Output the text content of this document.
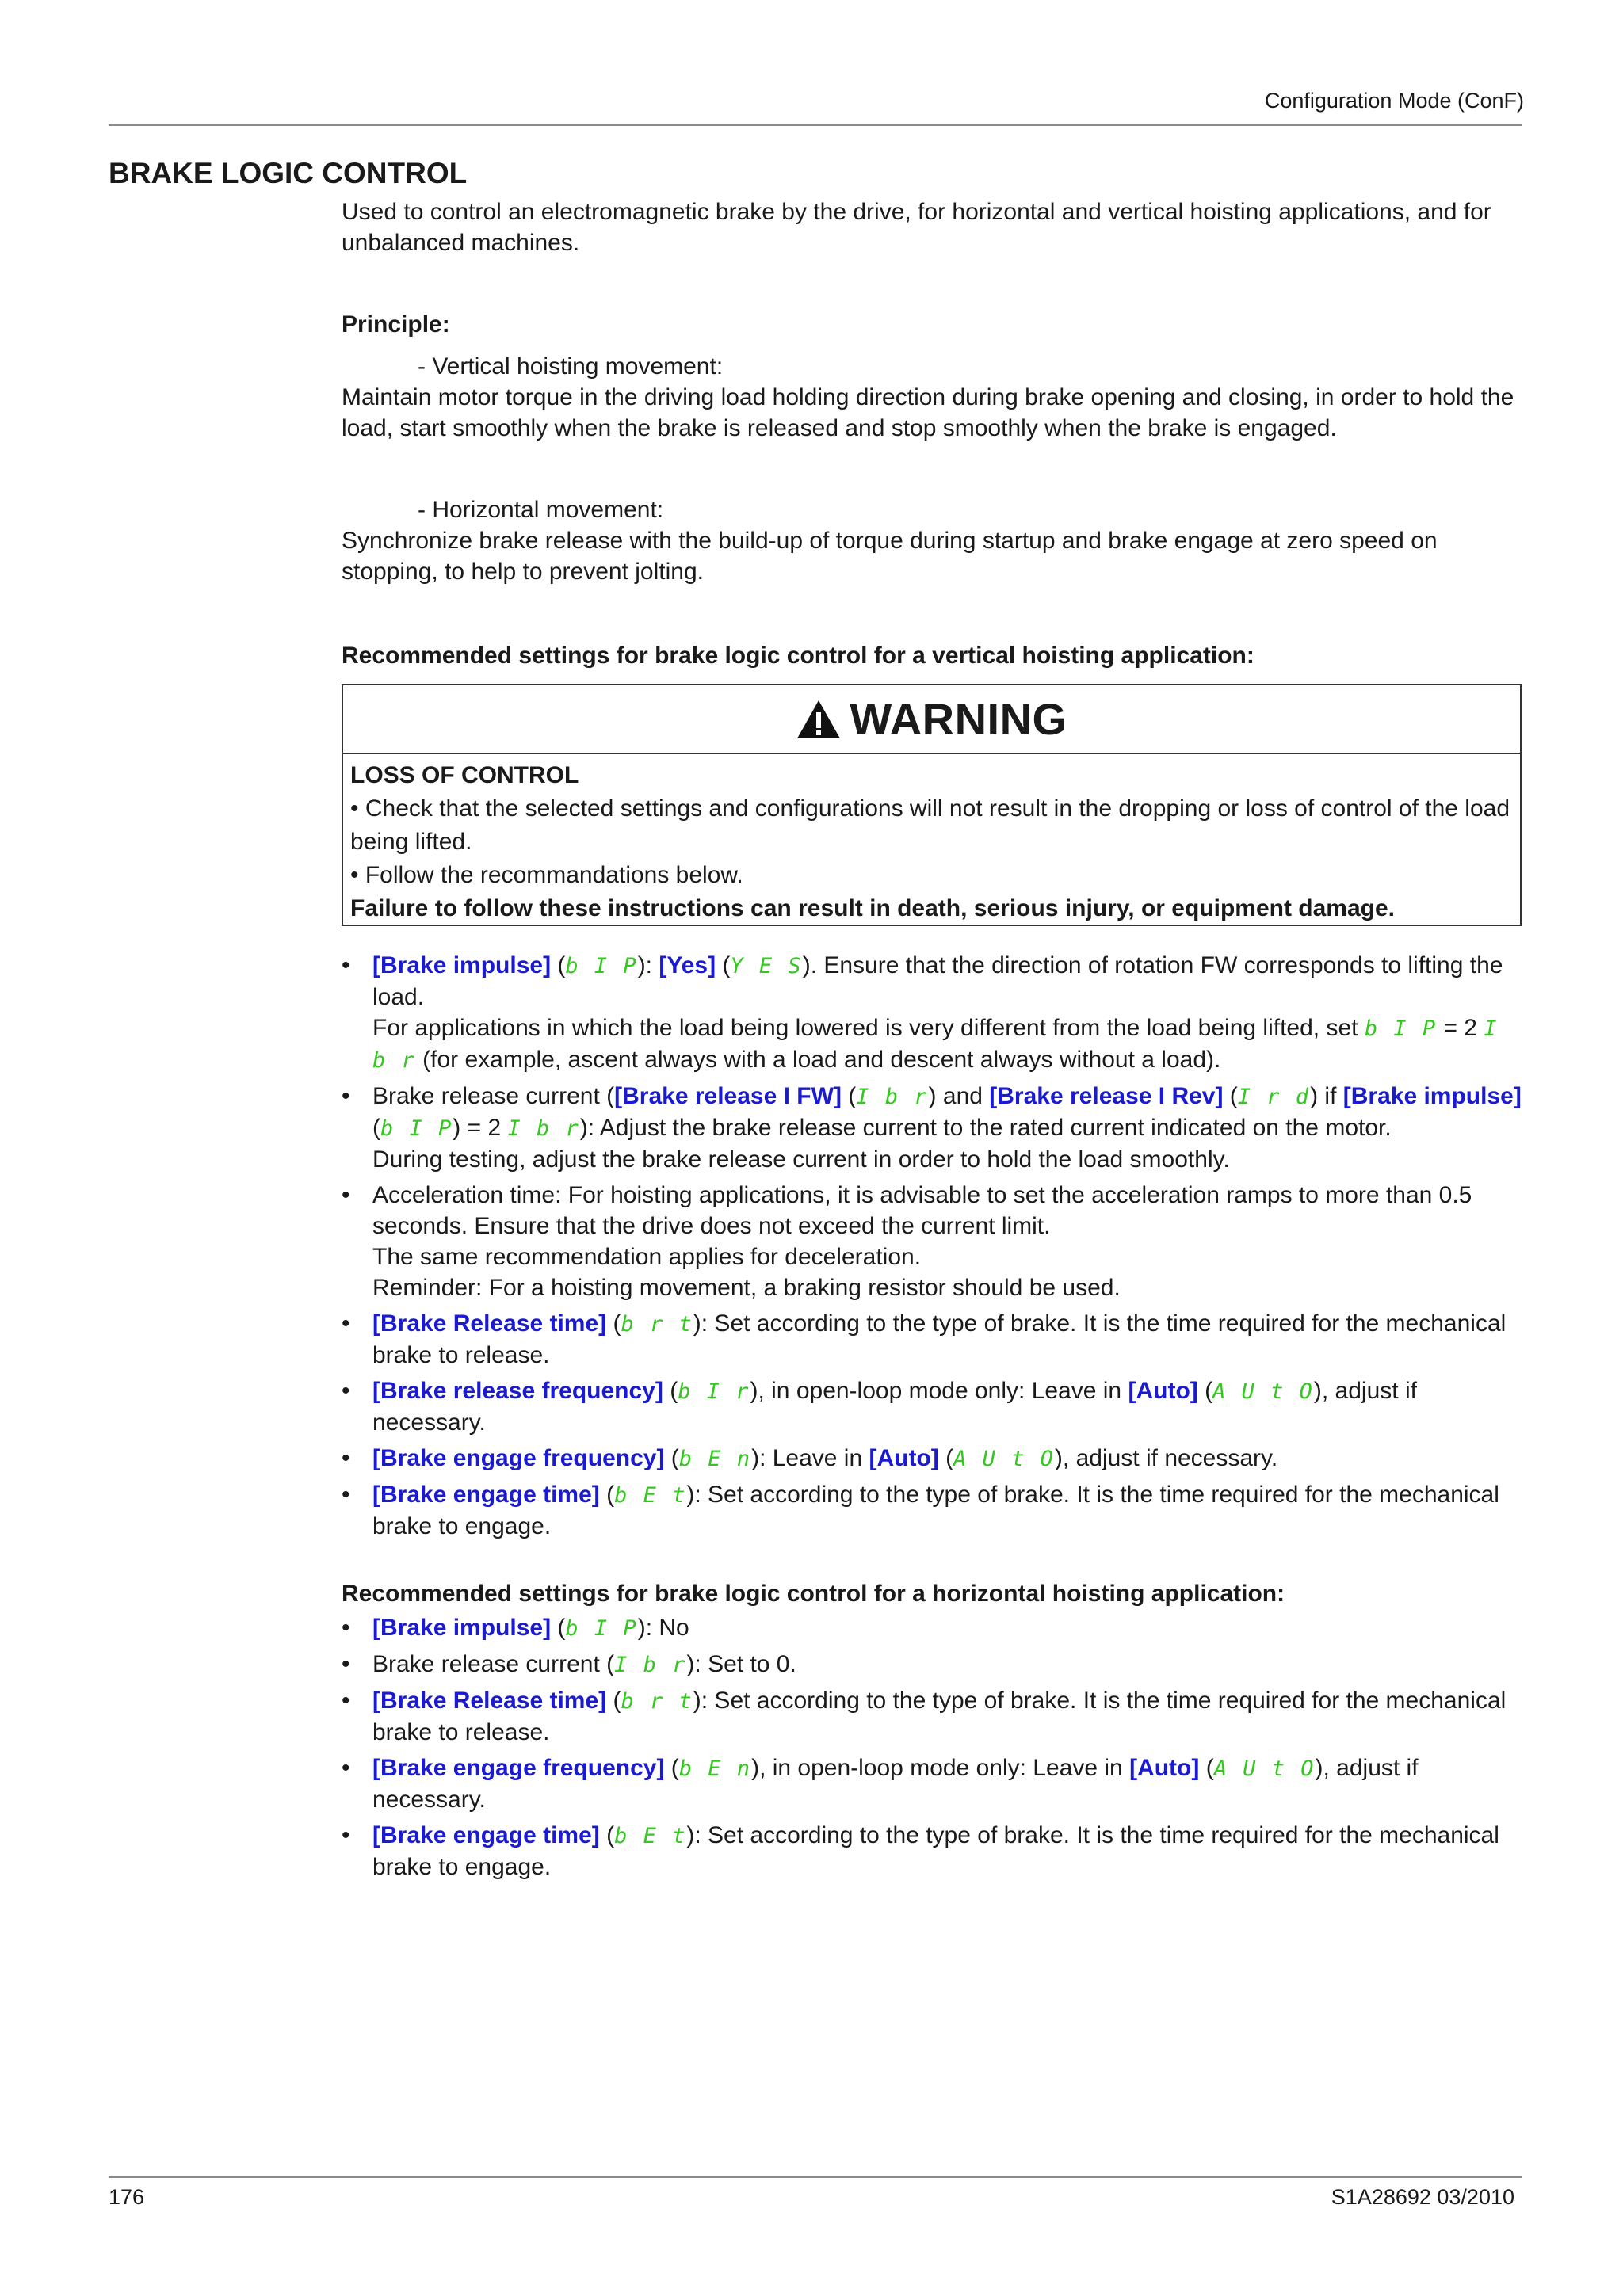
Configuration Mode (ConF)
BRAKE LOGIC CONTROL
Used to control an electromagnetic brake by the drive, for horizontal and vertical hoisting applications, and for unbalanced machines.
Principle:
- Vertical hoisting movement:
Maintain motor torque in the driving load holding direction during brake opening and closing, in order to hold the load, start smoothly when the brake is released and stop smoothly when the brake is engaged.
- Horizontal movement:
Synchronize brake release with the build-up of torque during startup and brake engage at zero speed on stopping, to help to prevent jolting.
Recommended settings for brake logic control for a vertical hoisting application:
WARNING
LOSS OF CONTROL
• Check that the selected settings and configurations will not result in the dropping or loss of control of the load being lifted.
• Follow the recommandations below.
Failure to follow these instructions can result in death, serious injury, or equipment damage.
• [Brake impulse] (b I P): [Yes] (Y E S). Ensure that the direction of rotation FW corresponds to lifting the load.
For applications in which the load being lowered is very different from the load being lifted, set b I P = 2 I b r (for example, ascent always with a load and descent always without a load).
• Brake release current ([Brake release I FW] (I b r) and [Brake release I Rev] (I r d) if [Brake impulse] (b I P) = 2 I b r): Adjust the brake release current to the rated current indicated on the motor.
During testing, adjust the brake release current in order to hold the load smoothly.
• Acceleration time: For hoisting applications, it is advisable to set the acceleration ramps to more than 0.5 seconds. Ensure that the drive does not exceed the current limit.
The same recommendation applies for deceleration.
Reminder: For a hoisting movement, a braking resistor should be used.
• [Brake Release time] (b r t): Set according to the type of brake. It is the time required for the mechanical brake to release.
• [Brake release frequency] (b I r), in open-loop mode only: Leave in [Auto] (A U t O), adjust if necessary.
• [Brake engage frequency] (b E n): Leave in [Auto] (A U t O), adjust if necessary.
• [Brake engage time] (b E t): Set according to the type of brake. It is the time required for the mechanical brake to engage.
Recommended settings for brake logic control for a horizontal hoisting application:
• [Brake impulse] (b I P): No
• Brake release current (I b r): Set to 0.
• [Brake Release time] (b r t): Set according to the type of brake. It is the time required for the mechanical brake to release.
• [Brake engage frequency] (b E n), in open-loop mode only: Leave in [Auto] (A U t O), adjust if necessary.
• [Brake engage time] (b E t): Set according to the type of brake. It is the time required for the mechanical brake to engage.
176	S1A28692 03/2010
